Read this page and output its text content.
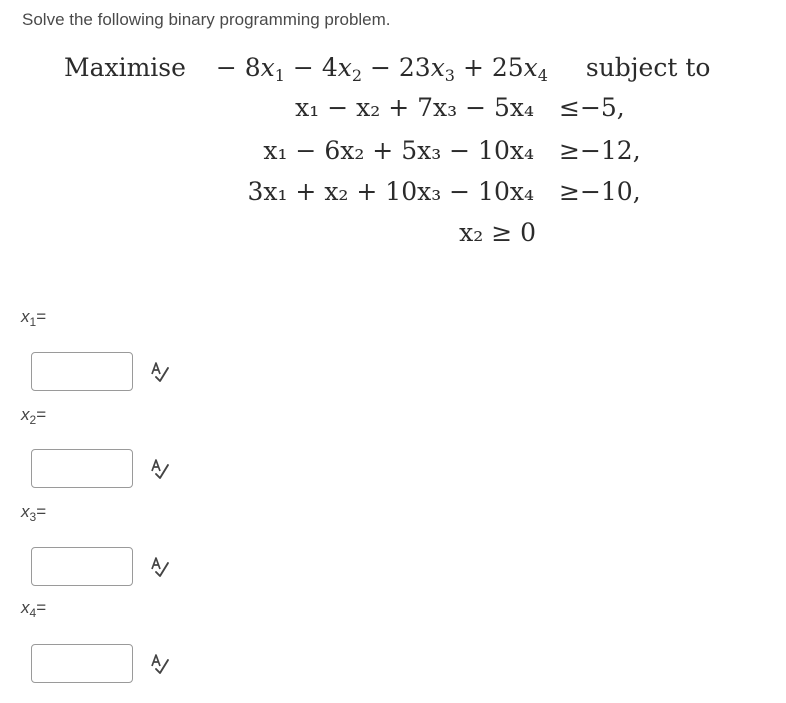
Solve the following binary programming problem.
Maximise − $8x_1 - 4x_2 - 23x_3 + 25x_4$ subject to
x₁ − x₂ + 7x₃ − 5x₄ ≤−5,
x₁ − 6x₂ + 5x₃ − 10x₄ ≥−12,
3x₁ + x₂ + 10x₃ − 10x₄ ≥−10,
x₂ ≥ 0
$x_1=$
$x_2=$
$x_3=$
$x_4=$
